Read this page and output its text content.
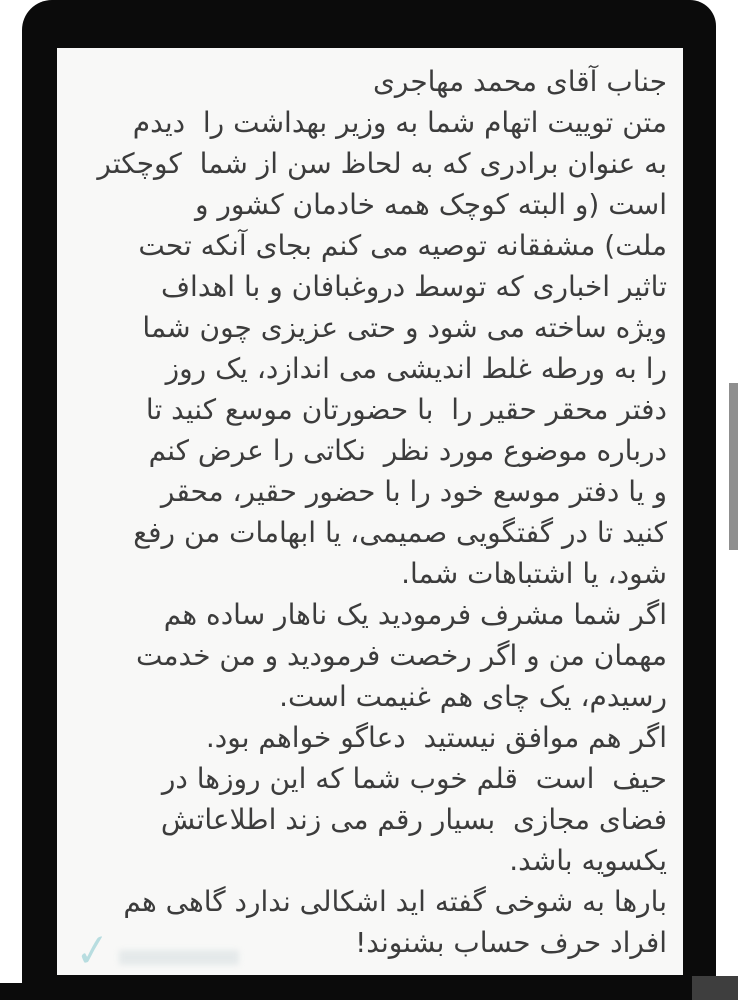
جناب آقای محمد مهاجری
متن توییت اتهام شما به وزیر بهداشت را  دیدم
به عنوان برادری که به لحاظ سن از شما  کوچکتر
است (و البته کوچک همه خادمان کشور و
ملت) مشفقانه توصیه می کنم بجای آنکه تحت
تاثیر اخباری که توسط دروغبافان و با اهداف
ویژه ساخته می شود و حتی عزیزی چون شما
را به ورطه غلط اندیشی می اندازد، یک روز
دفتر محقر حقیر را  با حضورتان موسع کنید تا
درباره موضوع مورد نظر  نکاتی را عرض کنم
و یا دفتر موسع خود را با حضور حقیر، محقر
کنید تا در گفتگویی صمیمی، یا ابهامات من رفع
شود، یا اشتباهات شما.
اگر شما مشرف فرمودید یک ناهار ساده هم
مهمان من و اگر رخصت فرمودید و من خدمت
رسیدم، یک چای هم غنیمت است.
اگر هم موافق نیستید  دعاگو خواهم بود.
حیف  است  قلم خوب شما که این روزها در
فضای مجازی  بسیار رقم می زند اطلاعاتش
یکسویه باشد.
بارها به شوخی گفته اید اشکالی ندارد گاهی هم
افراد حرف حساب بشنوند!
✓
